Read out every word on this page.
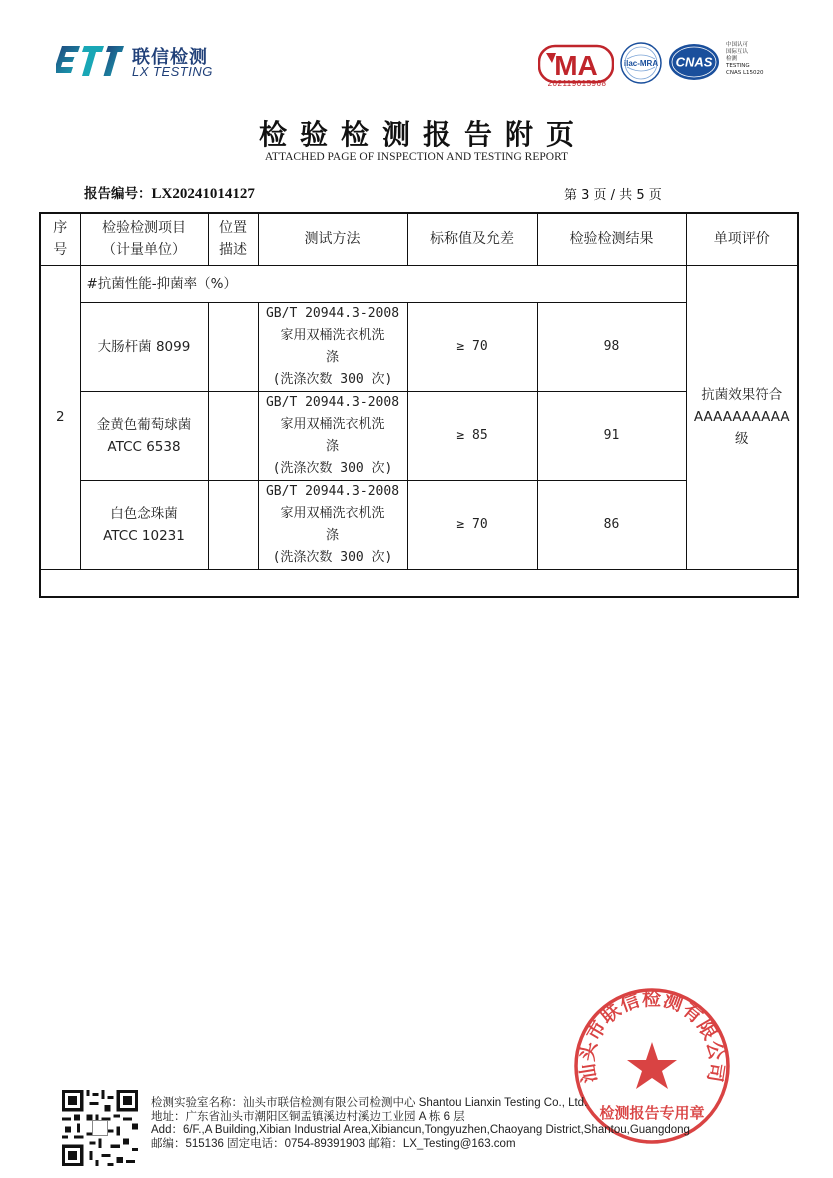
联信检测
LX TESTING	MA
202119015968
ilac-MRA CNAS
中国认可
国际互认
检测
TESTING
CNAS L15020
检验检测报告附页
ATTACHED PAGE OF INSPECTION AND TESTING REPORT
报告编号：LX20241014127	第 3 页 / 共 5 页
序
号	检验检测项目
（计量单位）	位置
描述	测试方法	标称值及允差	检验检测结果	单项评价
2	#抗菌性能-抑菌率（%）					抗菌效果符合
AAAAAAAAAA
级
	大肠杆菌 8099		GB/T 20944.3-2008
家用双桶洗衣机洗
涤
(洗涤次数 300 次)	≥ 70	98	
	金黄色葡萄球菌
ATCC 6538		GB/T 20944.3-2008
家用双桶洗衣机洗
涤
(洗涤次数 300 次)	≥ 85	91	
	白色念珠菌
ATCC 10231		GB/T 20944.3-2008
家用双桶洗衣机洗
涤
(洗涤次数 300 次)	≥ 70	86	

汕头市联信检测有限公司
检测报告专用章
检测实验室名称：汕头市联信检测有限公司检测中心 Shantou Lianxin Testing Co., Ltd.
地址：广东省汕头市潮阳区铜盂镇溪边村溪边工业园 A 栋 6 层
Add：6/F.,A Building,Xibian Industrial Area,Xibiancun,Tongyuzhen,Chaoyang District,Shantou,Guangdong
邮编：515136 固定电话：0754-89391903 邮箱：LX_Testing@163.com
